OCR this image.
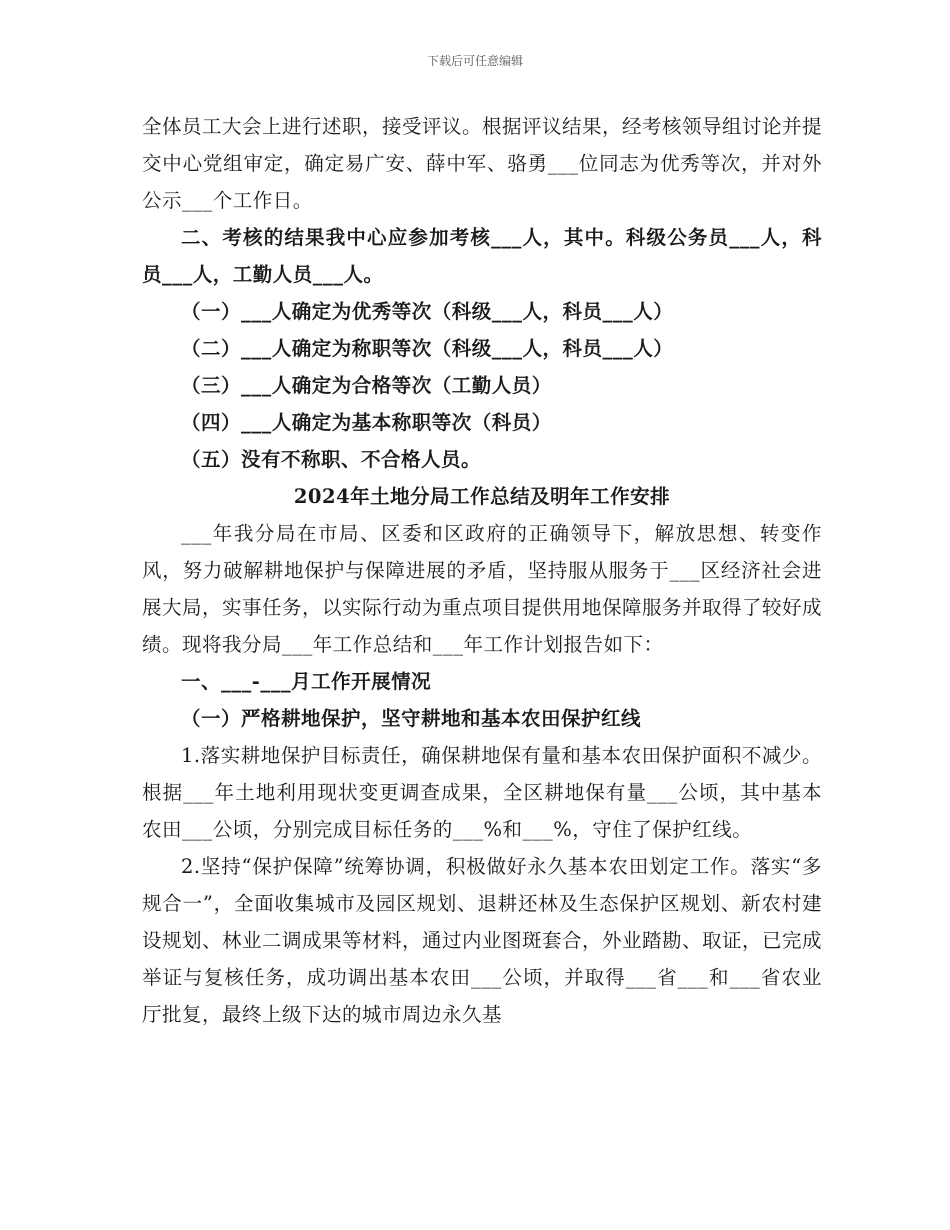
下载后可任意编辑

全体员工大会上进行述职，接受评议。根据评议结果，经考核领导组讨论并提交中心党组审定，确定易广安、薛中军、骆勇___位同志为优秀等次，并对外公示___个工作日。

二、考核的结果我中心应参加考核___人，其中。科级公务员___人，科员___人，工勤人员___人。

（一）___人确定为优秀等次（科级___人，科员___人）

（二）___人确定为称职等次（科级___人，科员___人）

（三）___人确定为合格等次（工勤人员）

（四）___人确定为基本称职等次（科员）

（五）没有不称职、不合格人员。

2024年土地分局工作总结及明年工作安排

___年我分局在市局、区委和区政府的正确领导下，解放思想、转变作风，努力破解耕地保护与保障进展的矛盾，坚持服从服务于___区经济社会进展大局，实事任务，以实际行动为重点项目提供用地保障服务并取得了较好成绩。现将我分局___年工作总结和___年工作计划报告如下：

一、___-___月工作开展情况

（一）严格耕地保护，坚守耕地和基本农田保护红线

1.落实耕地保护目标责任，确保耕地保有量和基本农田保护面积不减少。根据___年土地利用现状变更调查成果，全区耕地保有量___公顷，其中基本农田___公顷，分别完成目标任务的___%和___%，守住了保护红线。

2.坚持“保护保障”统筹协调，积极做好永久基本农田划定工作。落实“多规合一”，全面收集城市及园区规划、退耕还林及生态保护区规划、新农村建设规划、林业二调成果等材料，通过内业图斑套合，外业踏勘、取证，已完成举证与复核任务，成功调出基本农田___公顷，并取得___省___和___省农业厅批复，最终上级下达的城市周边永久基
